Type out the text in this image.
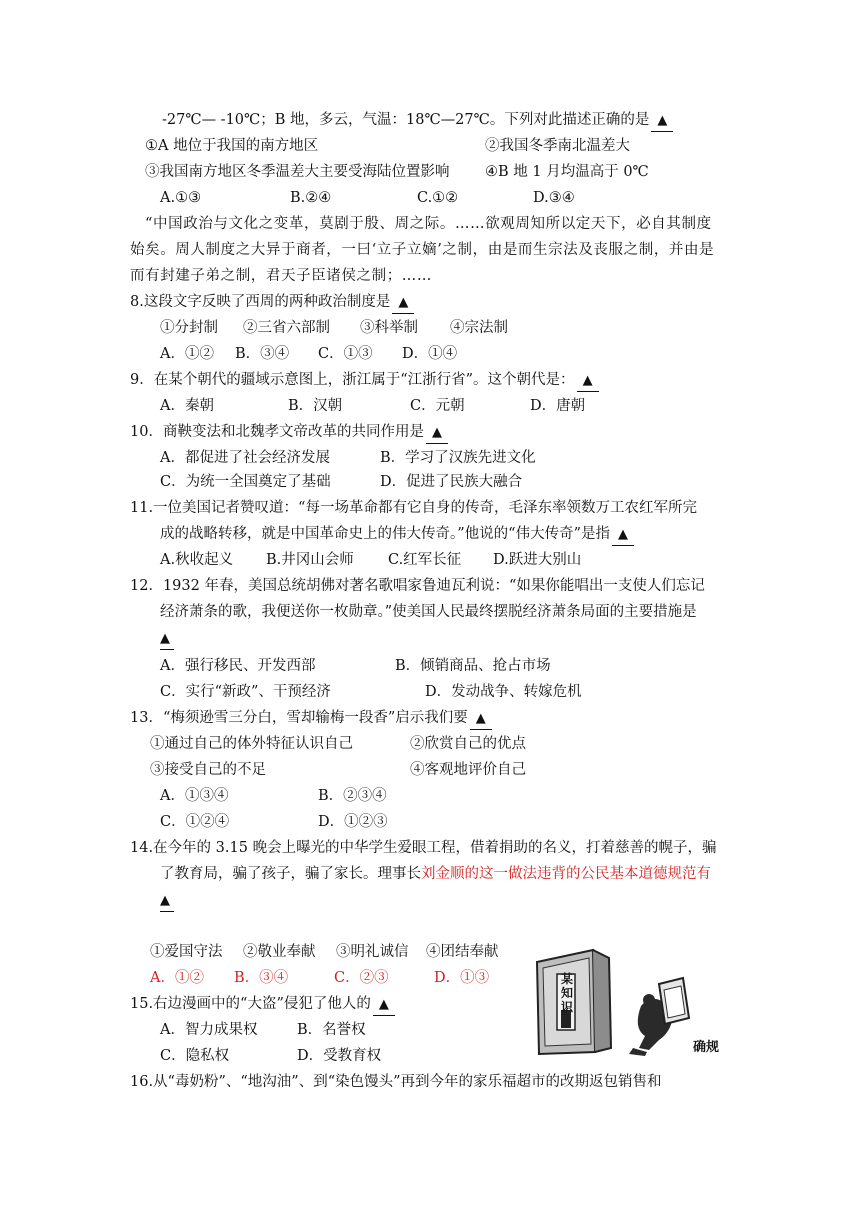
-27℃— -10℃；B 地，多云，气温：18℃—27℃。下列对此描述正确的是 ▲
①A 地位于我国的南方地区	②我国冬季南北温差大
③我国南方地区冬季温差大主要受海陆位置影响 ④B 地 1 月均温高于 0℃
A.①③	B.②④	C.①②	D.③④
“中国政治与文化之变革，莫剧于殷、周之际。……欲观周知所以定天下，必自其制度
始矣。周人制度之大异于商者，一曰‘立子立嫡’之制，由是而生宗法及丧服之制，并由是
而有封建子弟之制，君天子臣诸侯之制；……
8.这段文字反映了西周的两种政治制度是 ▲
①分封制 ②三省六部制 ③科举制 ④宗法制
A．①② B．③④ C．①③ D．①④
9．在某个朝代的疆域示意图上，浙江属于“江浙行省”。这个朝代是： ▲
A．秦朝	B．汉朝	C．元朝	D．唐朝
10．商鞅变法和北魏孝文帝改革的共同作用是 ▲
A．都促进了社会经济发展	B．学习了汉族先进文化
C．为统一全国奠定了基础	D．促进了民族大融合
11.一位美国记者赞叹道：“每一场革命都有它自身的传奇，毛泽东率领数万工农红军所完
成的战略转移，就是中国革命史上的伟大传奇。”他说的“伟大传奇”是指 ▲
A.秋收起义 B.井冈山会师 C.红军长征 D.跃进大别山
12．1932 年春，美国总统胡佛对著名歌唱家鲁迪瓦利说：“如果你能唱出一支使人们忘记
经济萧条的歌，我便送你一枚勋章。”使美国人民最终摆脱经济萧条局面的主要措施是
▲
A．强行移民、开发西部	B．倾销商品、抢占市场
C．实行“新政”、干预经济	D．发动战争、转嫁危机
13．“梅须逊雪三分白，雪却输梅一段香”启示我们要 ▲
①通过自己的体外特征认识自己	②欣赏自己的优点
③接受自己的不足	④客观地评价自己
A．①③④	B．②③④
C．①②④	D．①②③
14.在今年的 3.15 晚会上曝光的中华学生爱眼工程，借着捐助的名义，打着慈善的幌子，骗
了教育局，骗了孩子，骗了家长。理事长刘金顺的这一做法违背的公民基本道德规范有
▲
①爱国守法 ②敬业奉献 ③明礼诚信 ④团结奉献
A．①② B．③④	C．②③	D．①③
15.右边漫画中的“大盗”侵犯了他人的 ▲
A．智力成果权	B．名誉权
C．隐私权	D．受教育权
某知识
确规
16.从“毒奶粉”、“地沟油”、到“染色馒头”再到今年的家乐福超市的改期返包销售和
